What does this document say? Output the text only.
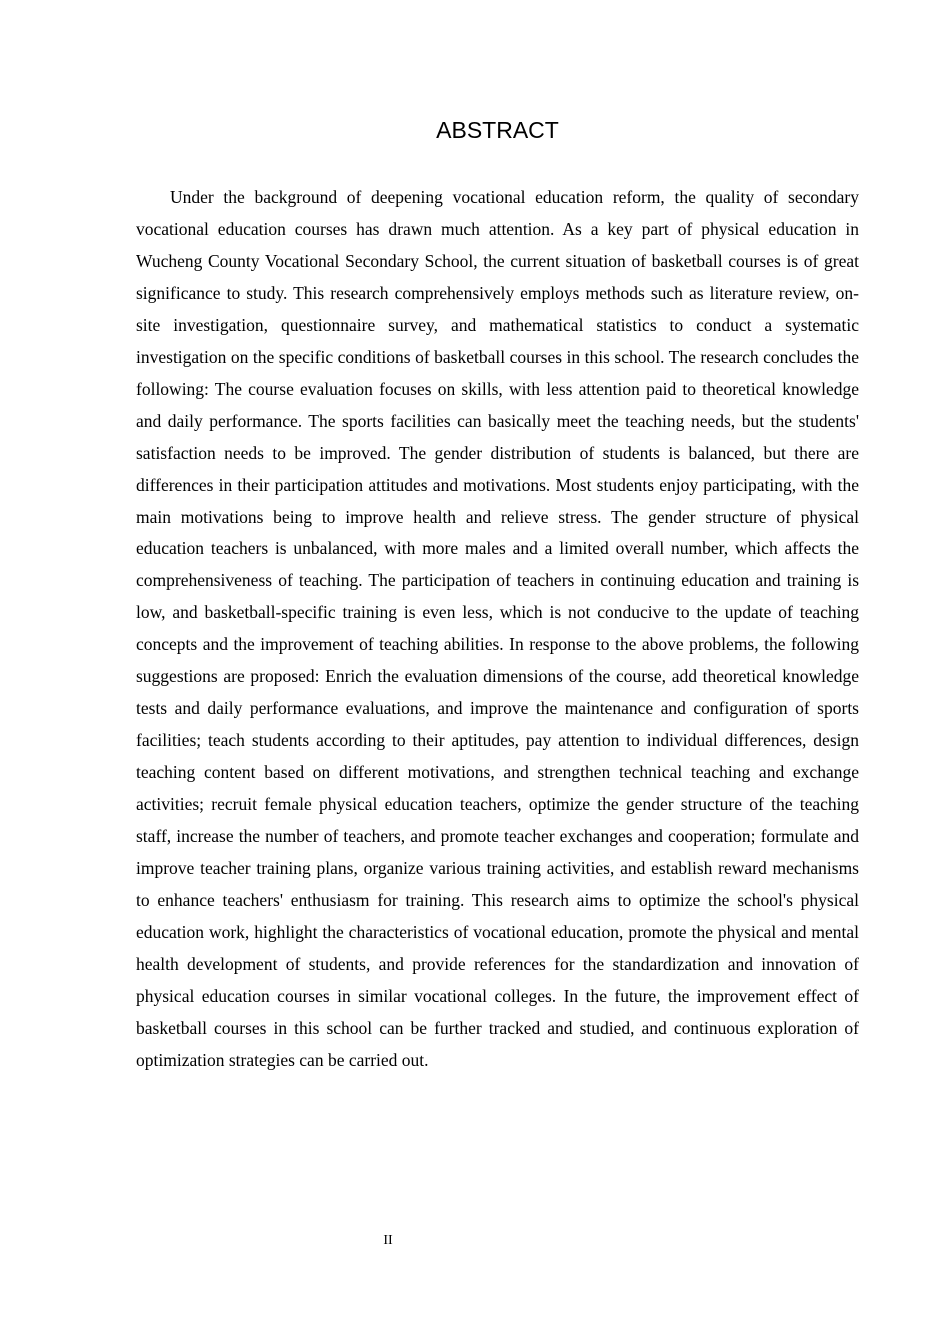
ABSTRACT

Under the background of deepening vocational education reform, the quality of secondary vocational education courses has drawn much attention. As a key part of physical education in Wucheng County Vocational Secondary School, the current situation of basketball courses is of great significance to study. This research comprehensively employs methods such as literature review, on-site investigation, questionnaire survey, and mathematical statistics to conduct a systematic investigation on the specific conditions of basketball courses in this school. The research concludes the following: The course evaluation focuses on skills, with less attention paid to theoretical knowledge and daily performance. The sports facilities can basically meet the teaching needs, but the students' satisfaction needs to be improved. The gender distribution of students is balanced, but there are differences in their participation attitudes and motivations. Most students enjoy participating, with the main motivations being to improve health and relieve stress. The gender structure of physical education teachers is unbalanced, with more males and a limited overall number, which affects the comprehensiveness of teaching. The participation of teachers in continuing education and training is low, and basketball-specific training is even less, which is not conducive to the update of teaching concepts and the improvement of teaching abilities. In response to the above problems, the following suggestions are proposed: Enrich the evaluation dimensions of the course, add theoretical knowledge tests and daily performance evaluations, and improve the maintenance and configuration of sports facilities; teach students according to their aptitudes, pay attention to individual differences, design teaching content based on different motivations, and strengthen technical teaching and exchange activities; recruit female physical education teachers, optimize the gender structure of the teaching staff, increase the number of teachers, and promote teacher exchanges and cooperation; formulate and improve teacher training plans, organize various training activities, and establish reward mechanisms to enhance teachers' enthusiasm for training. This research aims to optimize the school's physical education work, highlight the characteristics of vocational education, promote the physical and mental health development of students, and provide references for the standardization and innovation of physical education courses in similar vocational colleges. In the future, the improvement effect of basketball courses in this school can be further tracked and studied, and continuous exploration of optimization strategies can be carried out.

II
